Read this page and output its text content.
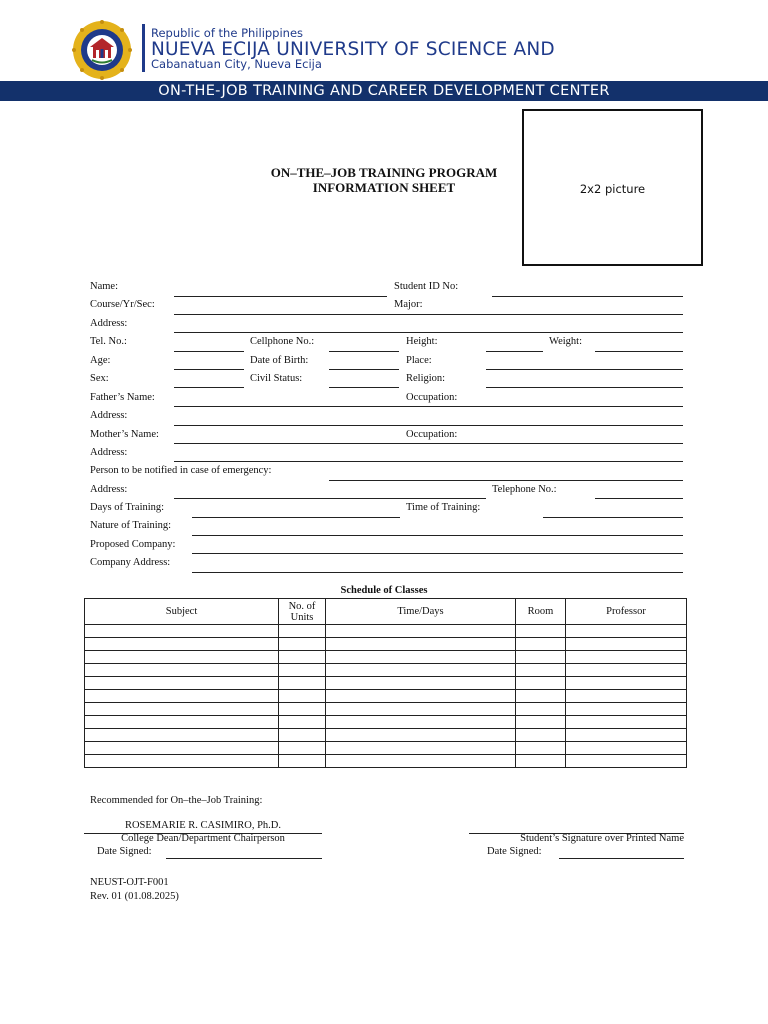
Republic of the Philippines
NUEVA ECIJA UNIVERSITY OF SCIENCE AND
Cabanatuan City, Nueva Ecija
ON-THE-JOB TRAINING AND CAREER DEVELOPMENT CENTER
2x2 picture
ON–THE–JOB TRAINING PROGRAM
INFORMATION SHEET
Name:	Student ID No:
Course/Yr/Sec:	Major:
Address:
Tel. No.:	Cellphone No.:	Height:	Weight:
Age:	Date of Birth:	Place:
Sex:	Civil Status:	Religion:
Father’s Name:	Occupation:
Address:
Mother’s Name:	Occupation:
Address:
Person to be notified in case of emergency:
Address:	Telephone No.:
Days of Training:	Time of Training:
Nature of Training:
Proposed Company:
Company Address:
Schedule of Classes
Subject	No. of Units	Time/Days	Room	Professor

Recommended for On–the–Job Training:
ROSEMARIE R. CASIMIRO, Ph.D.
College Dean/Department Chairperson
Date Signed:
Student’s Signature over Printed Name
Date Signed:
NEUST-OJT-F001
Rev. 01 (01.08.2025)
